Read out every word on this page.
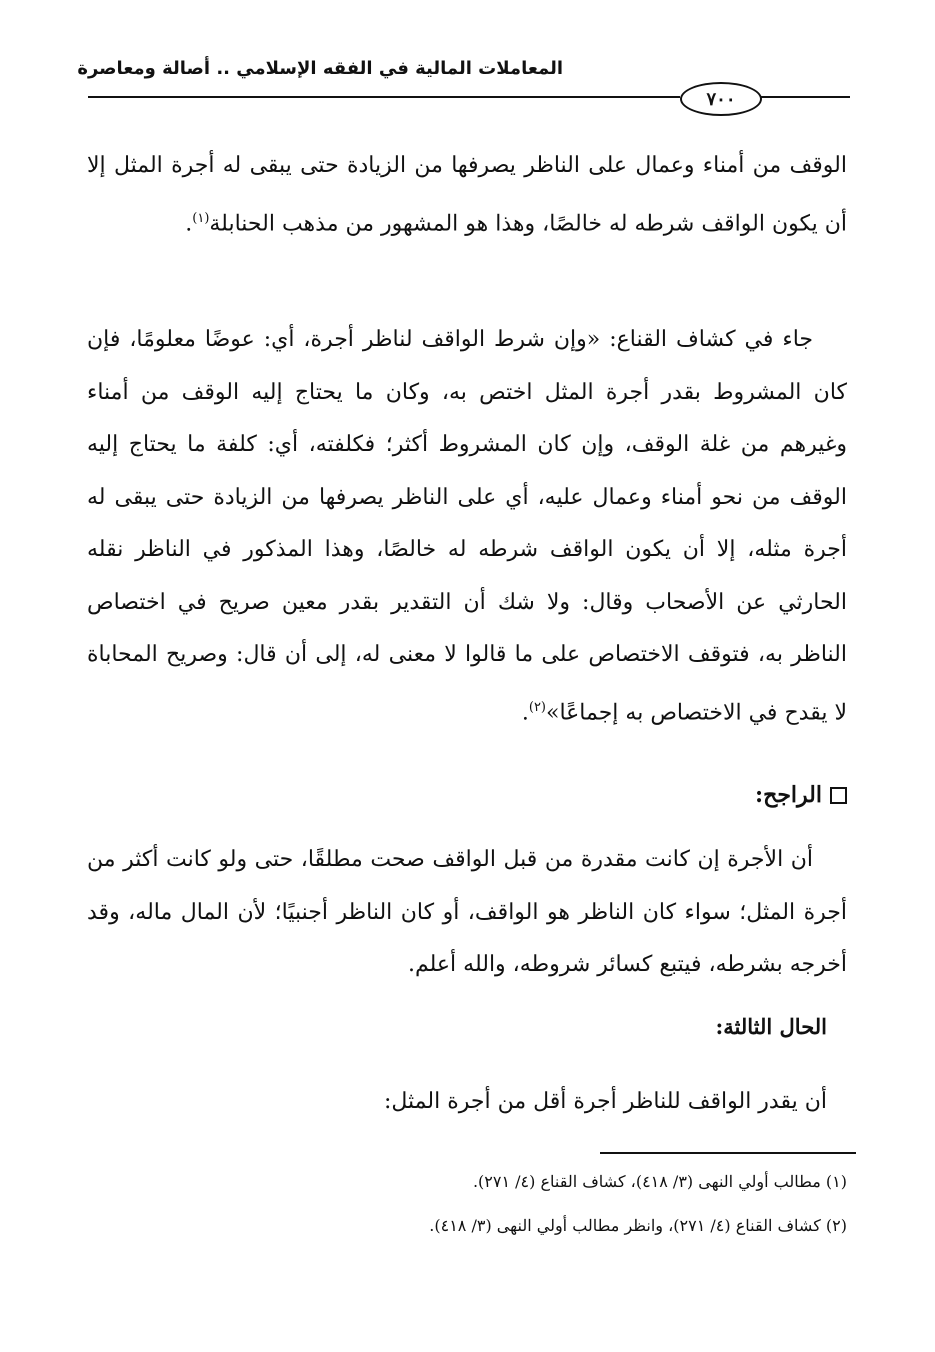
المعاملات المالية في الفقه الإسلامي .. أصالة ومعاصرة
٧٠٠
الوقف من أمناء وعمال على الناظر يصرفها من الزيادة حتى يبقى له أجرة المثل إلا أن يكون الواقف شرطه له خالصًا، وهذا هو المشهور من مذهب الحنابلة$^{(١)}$.
جاء في كشاف القناع: «وإن شرط الواقف لناظر أجرة، أي: عوضًا معلومًا، فإن كان المشروط بقدر أجرة المثل اختص به، وكان ما يحتاج إليه الوقف من أمناء وغيرهم من غلة الوقف، وإن كان المشروط أكثر؛ فكلفته، أي: كلفة ما يحتاج إليه الوقف من نحو أمناء وعمال عليه، أي على الناظر يصرفها من الزيادة حتى يبقى له أجرة مثله، إلا أن يكون الواقف شرطه له خالصًا، وهذا المذكور في الناظر نقله الحارثي عن الأصحاب وقال: ولا شك أن التقدير بقدر معين صريح في اختصاص الناظر به، فتوقف الاختصاص على ما قالوا لا معنى له، إلى أن قال: وصريح المحاباة لا يقدح في الاختصاص به إجماعًا»$^{(٢)}$.
الراجح:
أن الأجرة إن كانت مقدرة من قبل الواقف صحت مطلقًا، حتى ولو كانت أكثر من أجرة المثل؛ سواء كان الناظر هو الواقف، أو كان الناظر أجنبيًا؛ لأن المال ماله، وقد أخرجه بشرطه، فيتبع كسائر شروطه، والله أعلم.
الحال الثالثة:
أن يقدر الواقف للناظر أجرة أقل من أجرة المثل:
(١) مطالب أولي النهى (٣/ ٤١٨)، كشاف القناع (٤/ ٢٧١).
(٢) كشاف القناع (٤/ ٢٧١)، وانظر مطالب أولي النهى (٣/ ٤١٨).
